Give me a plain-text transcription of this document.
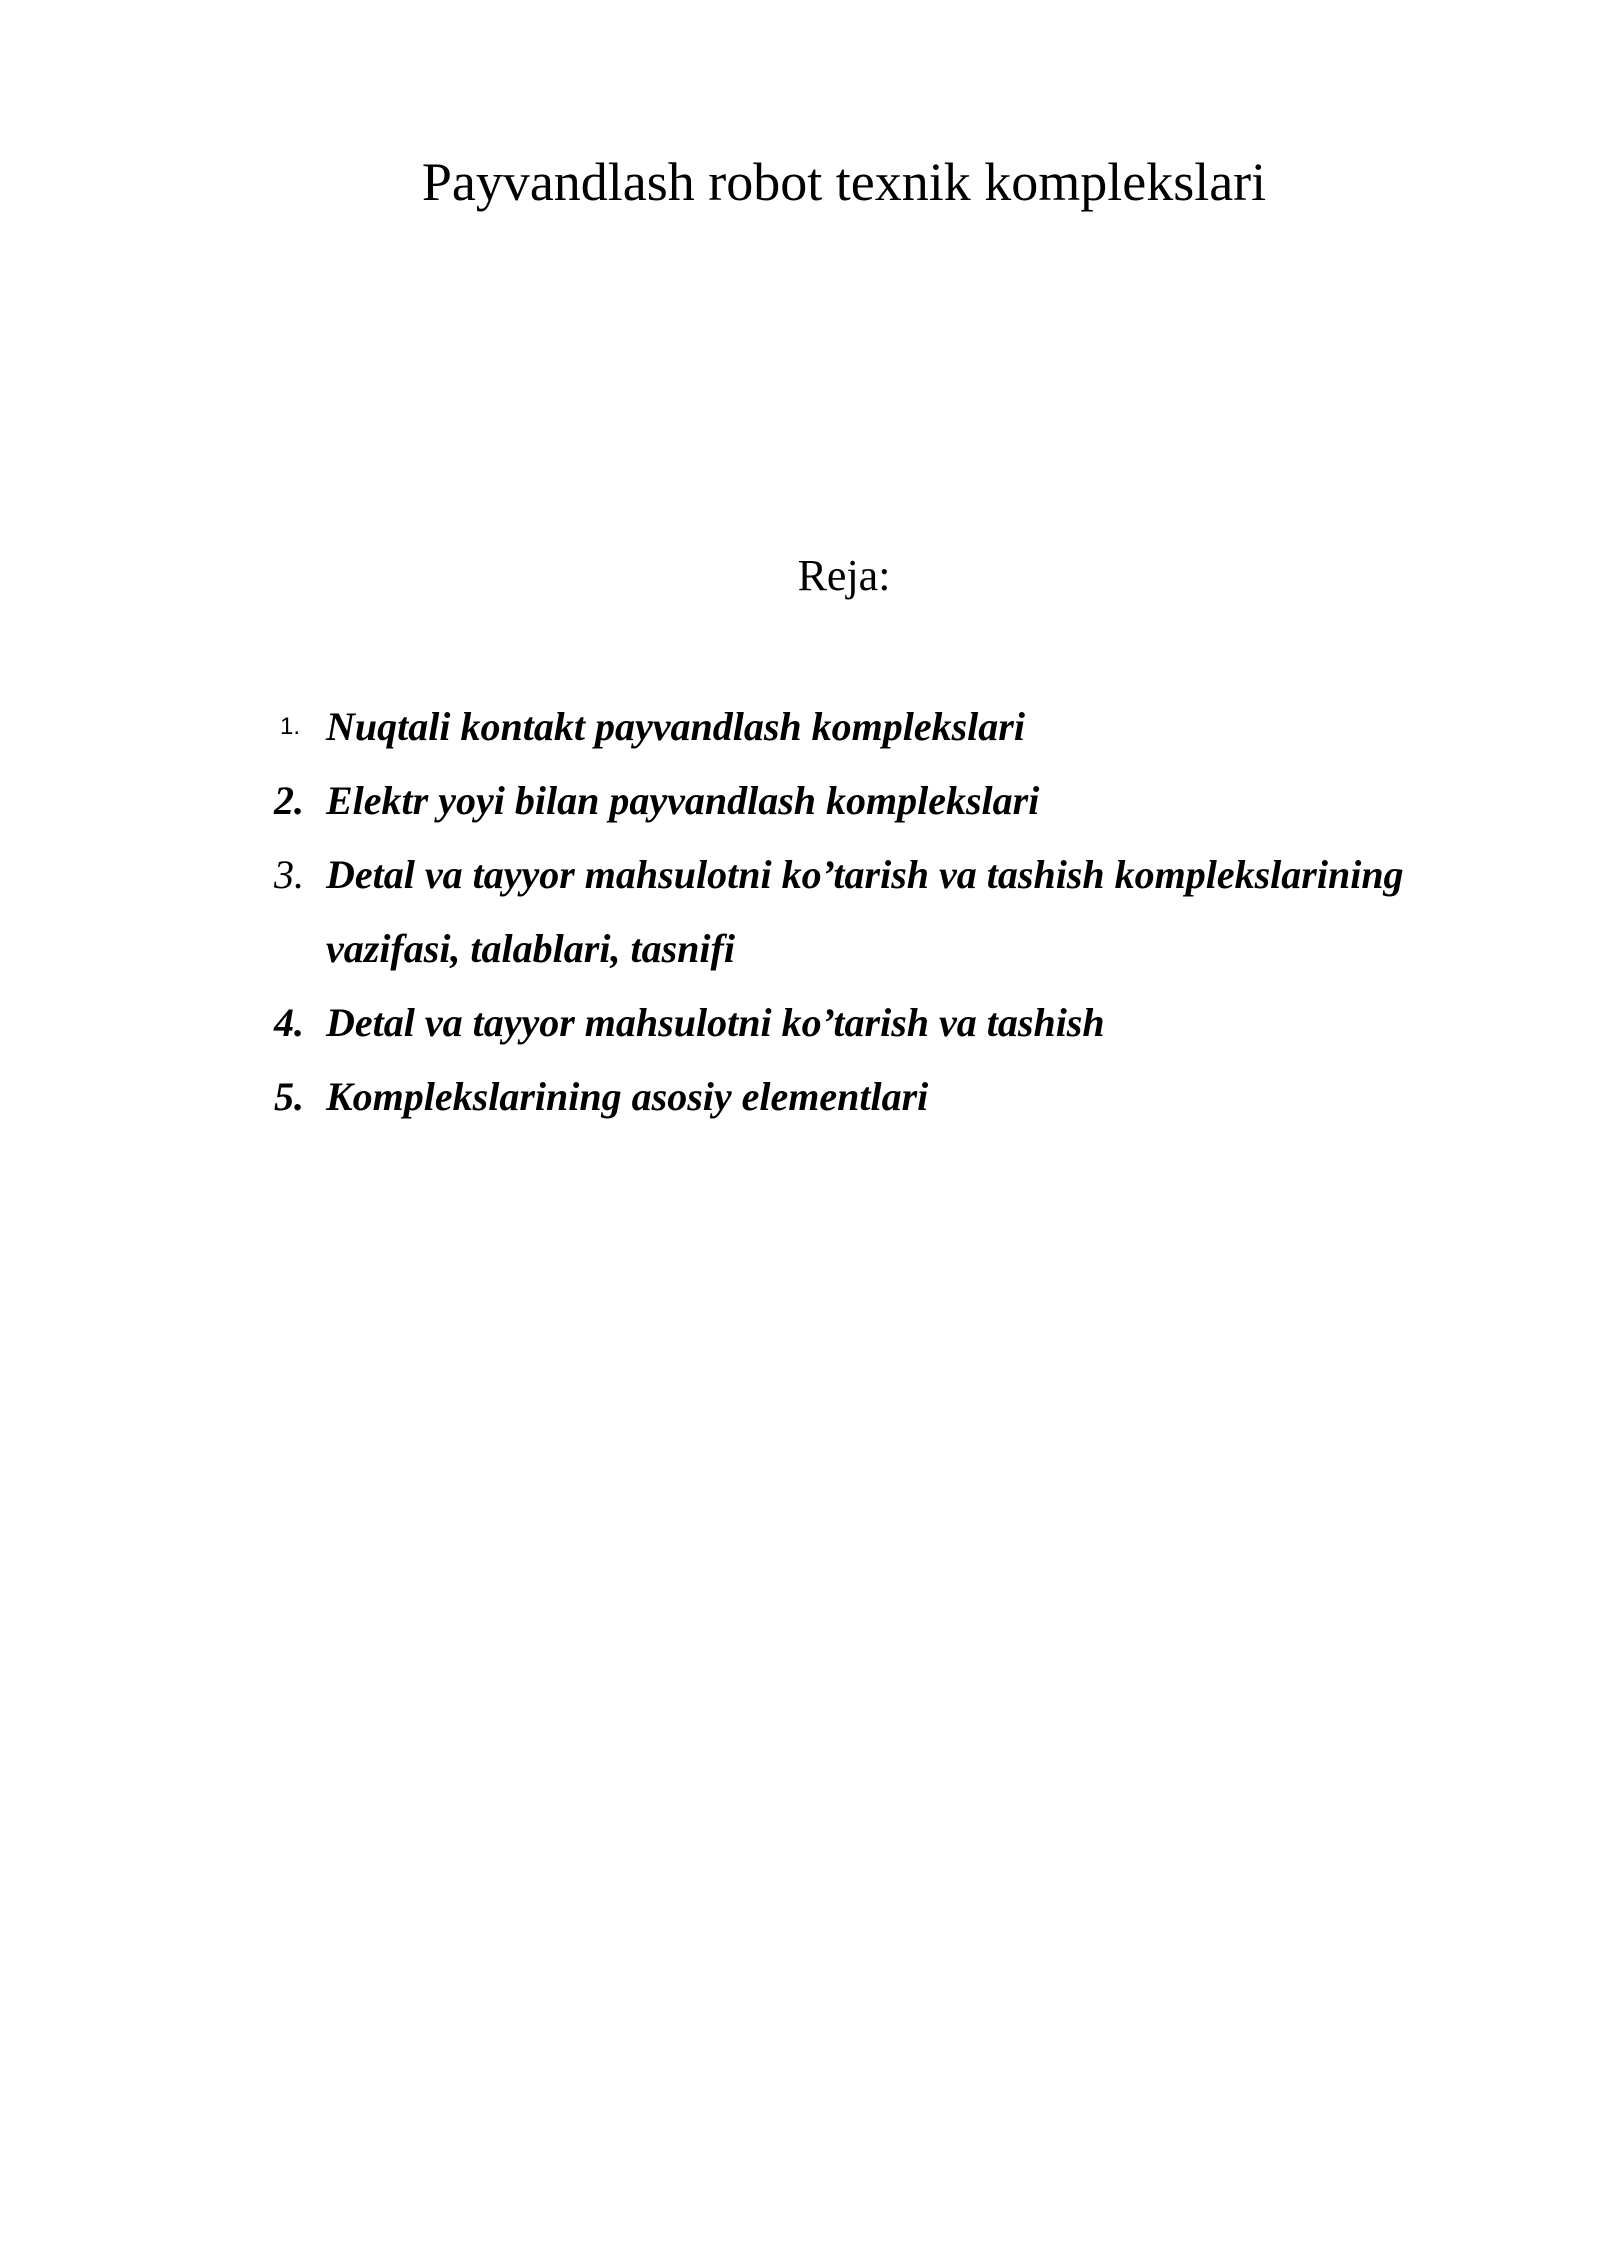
Payvandlash robot texnik komplekslari
Reja:
1. Nuqtali kontakt payvandlash komplekslari
2. Elektr yoyi bilan payvandlash komplekslari
3. Detal va tayyor mahsulotni ko’tarish va tashish komplekslarining vazifasi, talablari, tasnifi
4. Detal va tayyor mahsulotni ko’tarish va tashish
5. Komplekslarining asosiy elementlari
